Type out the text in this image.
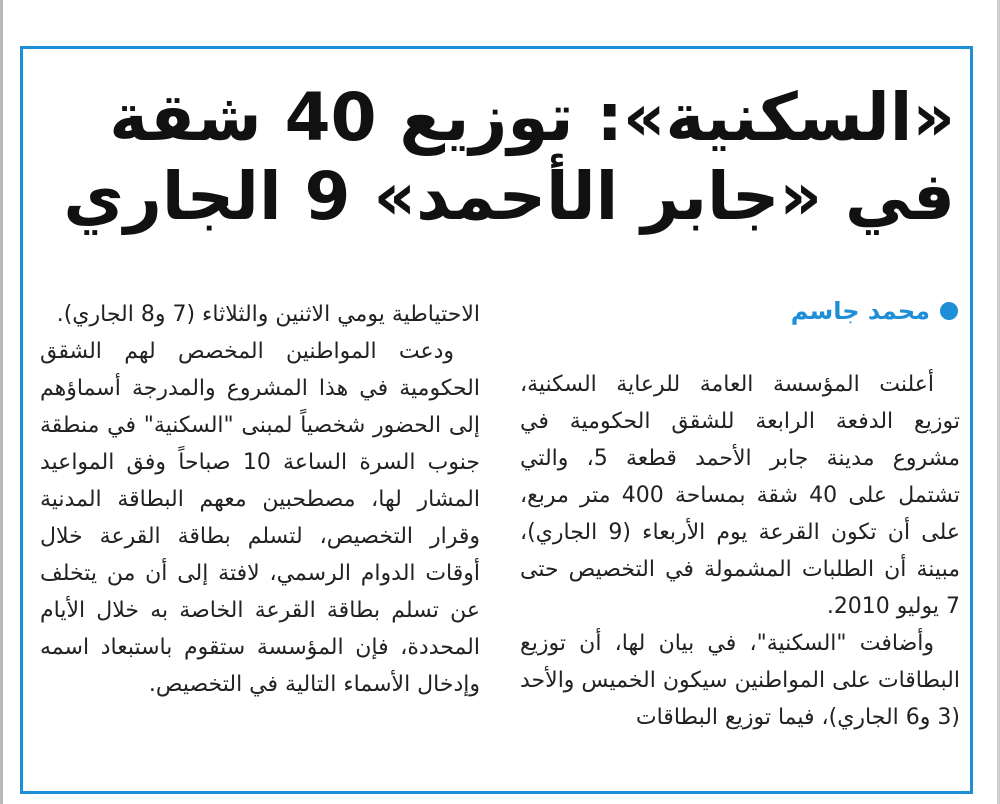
«السكنية»: توزيع 40 شقة
في «جابر الأحمد» 9 الجاري
محمد جاسم

أعلنت المؤسسة العامة للرعاية السكنية، توزيع الدفعة الرابعة للشقق الحكومية في مشروع مدينة جابر الأحمد قطعة 5، والتي تشتمل على 40 شقة بمساحة 400 متر مربع، على أن تكون القرعة يوم الأربعاء (9 الجاري)، مبينة أن الطلبات المشمولة في التخصيص حتى 7 يوليو 2010.

وأضافت "السكنية"، في بيان لها، أن توزيع البطاقات على المواطنين سيكون الخميس والأحد (3 و6 الجاري)، فيما توزيع البطاقات

الاحتياطية يومي الاثنين والثلاثاء (7 و8 الجاري).

ودعت المواطنين المخصص لهم الشقق الحكومية في هذا المشروع والمدرجة أسماؤهم إلى الحضور شخصياً لمبنى "السكنية" في منطقة جنوب السرة الساعة 10 صباحاً وفق المواعيد المشار لها، مصطحبين معهم البطاقة المدنية وقرار التخصيص، لتسلم بطاقة القرعة خلال أوقات الدوام الرسمي، لافتة إلى أن من يتخلف عن تسلم بطاقة القرعة الخاصة به خلال الأيام المحددة، فإن المؤسسة ستقوم باستبعاد اسمه وإدخال الأسماء التالية في التخصيص.
